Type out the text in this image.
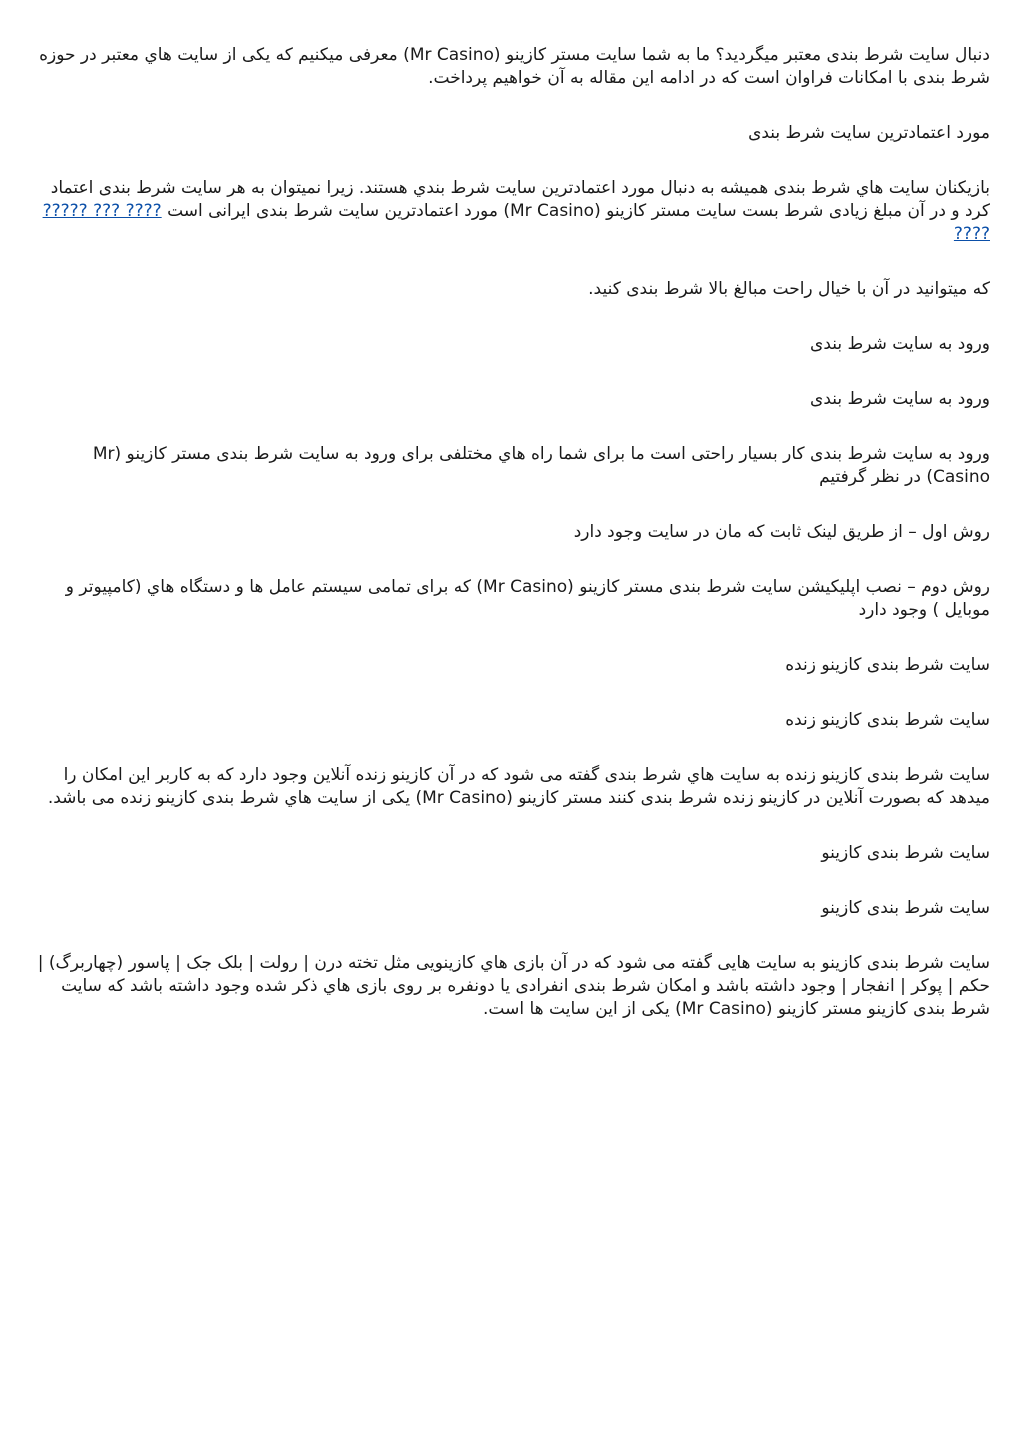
دنبال سایت شرط بندی معتبر میگردید؟ ما به شما سایت مستر کازینو (Mr Casino) معرفی میکنیم که یکی از سایت هاي معتبر در حوزه شرط بندی با امکانات فراوان است که در ادامه این مقاله به آن خواهیم پرداخت.

مورد اعتمادترین سایت شرط بندی

بازیکنان سایت هاي شرط بندی همیشه به دنبال مورد اعتمادترین سایت شرط بندي هستند. زیرا نمیتوان به هر سایت شرط بندی اعتماد کرد و در آن مبلغ زیادی شرط بست سایت مستر کازینو (Mr Casino) مورد اعتمادترین سایت شرط بندی ایرانی است ???? ??? ????? ????

که میتوانید در آن با خیال راحت مبالغ بالا شرط بندی کنید.

ورود به سایت شرط بندی

ورود به سایت شرط بندی

ورود به سایت شرط بندی کار بسیار راحتی است ما برای شما راه هاي مختلفی برای ورود به سایت شرط بندی مستر کازینو (Mr Casino) در نظر گرفتیم

روش اول – از طریق لینک ثابت که مان در سایت وجود دارد

روش دوم – نصب اپلیکیشن سایت شرط بندی مستر کازینو (Mr Casino) که برای تمامی سیستم عامل ها و دستگاه هاي (کامپیوتر و موبایل ) وجود دارد

سایت شرط بندی کازینو زنده

سایت شرط بندی کازینو زنده

سایت شرط بندی کازینو زنده به سایت هاي شرط بندی گفته می شود که در آن کازینو زنده آنلاین وجود دارد که به کاربر این امکان را میدهد که بصورت آنلاین در کازینو زنده شرط بندی کنند مستر کازینو (Mr Casino) یکی از سایت هاي شرط بندی کازینو زنده می باشد.

سایت شرط بندی کازینو

سایت شرط بندی کازینو

سایت شرط بندی کازینو به سایت هایی گفته می شود که در آن بازی هاي کازینویی مثل تخته درن | رولت | بلک جک | پاسور (چهاربرگ) | حکم | پوکر | انفجار | وجود داشته باشد و امکان شرط بندی انفرادی یا دونفره بر روی بازی هاي ذکر شده وجود داشته باشد که سایت شرط بندی کازینو مستر کازینو (Mr Casino) یکی از این سایت ها است.
